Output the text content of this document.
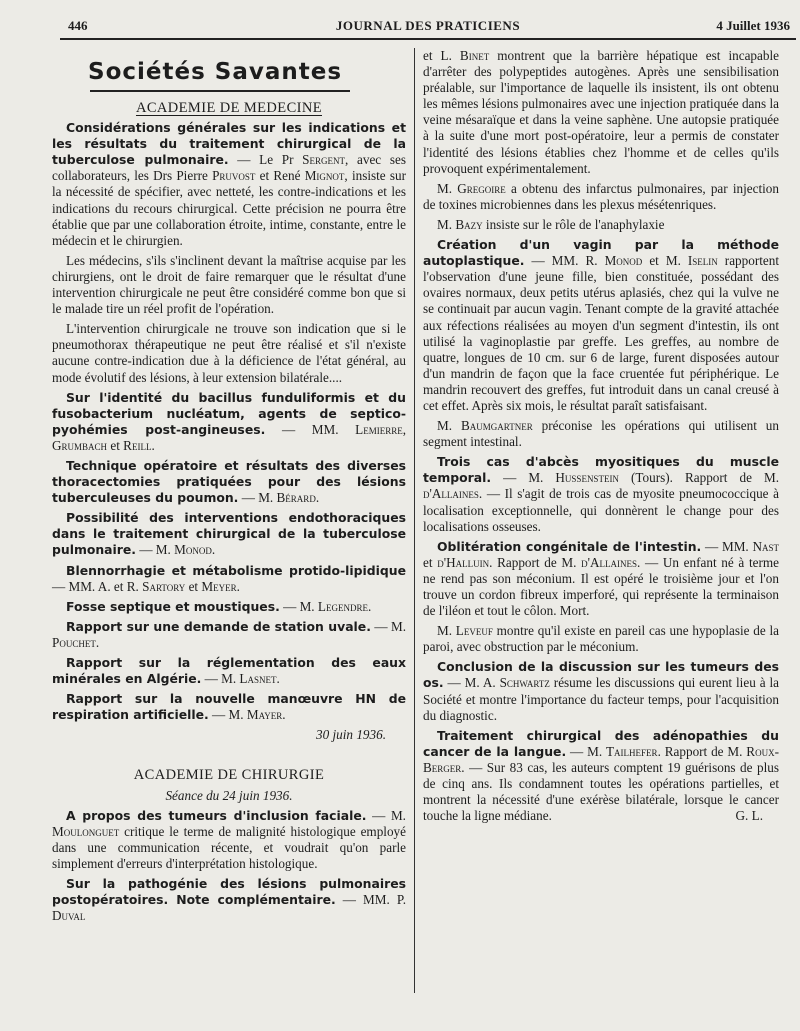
446	JOURNAL DES PRATICIENS	4 Juillet 1936
Sociétés Savantes
ACADEMIE DE MEDECINE

Considérations générales sur les indications et les résultats du traitement chirurgical de la tuberculose pulmonaire. — Le Pr Sergent, avec ses collaborateurs, les Drs Pierre Pruvost et René Mignot, insiste sur la nécessité de spécifier, avec netteté, les contre-indications et les indications du recours chirurgical. Cette précision ne pourra être établie que par une collaboration étroite, intime, constante, entre le médecin et le chirurgien.

Les médecins, s'ils s'inclinent devant la maîtrise acquise par les chirurgiens, ont le droit de faire remarquer que le résultat d'une intervention chirurgicale ne peut être considéré comme bon que si le malade tire un réel profit de l'opération.

L'intervention chirurgicale ne trouve son indication que si le pneumothorax thérapeutique ne peut être réalisé et s'il n'existe aucune contre-indication due à la déficience de l'état général, au mode évolutif des lésions, à leur extension bilatérale....

Sur l'identité du bacillus funduliformis et du fusobacterium nucléatum, agents de septico-pyohémies post-angineuses. — MM. Lemierre, Grumbach et Reill.

Technique opératoire et résultats des diverses thoracectomies pratiquées pour des lésions tuberculeuses du poumon. — M. Bérard.

Possibilité des interventions endothoraciques dans le traitement chirurgical de la tuberculose pulmonaire. — M. Monod.

Blennorrhagie et métabolisme protido-lipidique — MM. A. et R. Sartory et Meyer.

Fosse septique et moustiques. — M. Legendre.

Rapport sur une demande de station uvale. — M. Pouchet.

Rapport sur la réglementation des eaux minérales en Algérie. — M. Lasnet.

Rapport sur la nouvelle manœuvre HN de respiration artificielle. — M. Mayer.

30 juin 1936.
ACADEMIE DE CHIRURGIE
Séance du 24 juin 1936.

A propos des tumeurs d'inclusion faciale. — M. Moulonguet critique le terme de malignité histologique employé dans une communication récente, et voudrait qu'on parle simplement d'erreurs d'interprétation histologique.

Sur la pathogénie des lésions pulmonaires postopératoires. Note complémentaire. — MM. P. Duval

et L. Binet montrent que la barrière hépatique est incapable d'arrêter des polypeptides autogènes. Après une sensibilisation préalable, sur l'importance de laquelle ils insistent, ils ont obtenu les mêmes lésions pulmonaires avec une injection pratiquée dans la veine mésaraïque et dans la veine saphène. Une autopsie pratiquée à la suite d'une mort post-opératoire, leur a permis de constater l'identité des lésions établies chez l'homme et de celles qu'ils provoquent expérimentalement.

M. Gregoire a obtenu des infarctus pulmonaires, par injection de toxines microbiennes dans les plexus mésétenriques.

M. Bazy insiste sur le rôle de l'anaphylaxie

Création d'un vagin par la méthode autoplastique. — MM. R. Monod et M. Iselin rapportent l'observation d'une jeune fille, bien constituée, possédant des ovaires normaux, deux petits utérus aplasiés, chez qui la vulve ne se continuait par aucun vagin. Tenant compte de la gravité attachée aux réfections réalisées au moyen d'un segment d'intestin, ils ont utilisé la vaginoplastie par greffe. Les greffes, au nombre de quatre, longues de 10 cm. sur 6 de large, furent disposées autour d'un mandrin de façon que la face cruentée fut périphérique. Le mandrin recouvert des greffes, fut introduit dans un canal creusé à cet effet. Après six mois, le résultat paraît satisfaisant.

M. Baumgartner préconise les opérations qui utilisent un segment intestinal.

Trois cas d'abcès myositiques du muscle temporal. — M. Hussenstein (Tours). Rapport de M. d'Allaines. — Il s'agit de trois cas de myosite pneumococcique à localisation exceptionnelle, qui donnèrent le change pour des localisations osseuses.

Oblitération congénitale de l'intestin. — MM. Nast et d'Halluin. Rapport de M. d'Allaines. — Un enfant né à terme ne rend pas son méconium. Il est opéré le troisième jour et l'on trouve un cordon fibreux imperforé, qui représente la terminaison de l'iléon et tout le côlon. Mort.

M. Leveuf montre qu'il existe en pareil cas une hypoplasie de la paroi, avec obstruction par le méconium.

Conclusion de la discussion sur les tumeurs des os. — M. A. Schwartz résume les discussions qui eurent lieu à la Société et montre l'importance du facteur temps, pour l'acquisition du diagnostic.

Traitement chirurgical des adénopathies du cancer de la langue. — M. Tailhefer. Rapport de M. Roux-Berger. — Sur 83 cas, les auteurs comptent 19 guérisons de plus de cinq ans. Ils condamnent toutes les opérations partielles, et montrent la nécessité d'une exérèse bilatérale, lorsque le cancer touche la ligne médiane.	G. L.
